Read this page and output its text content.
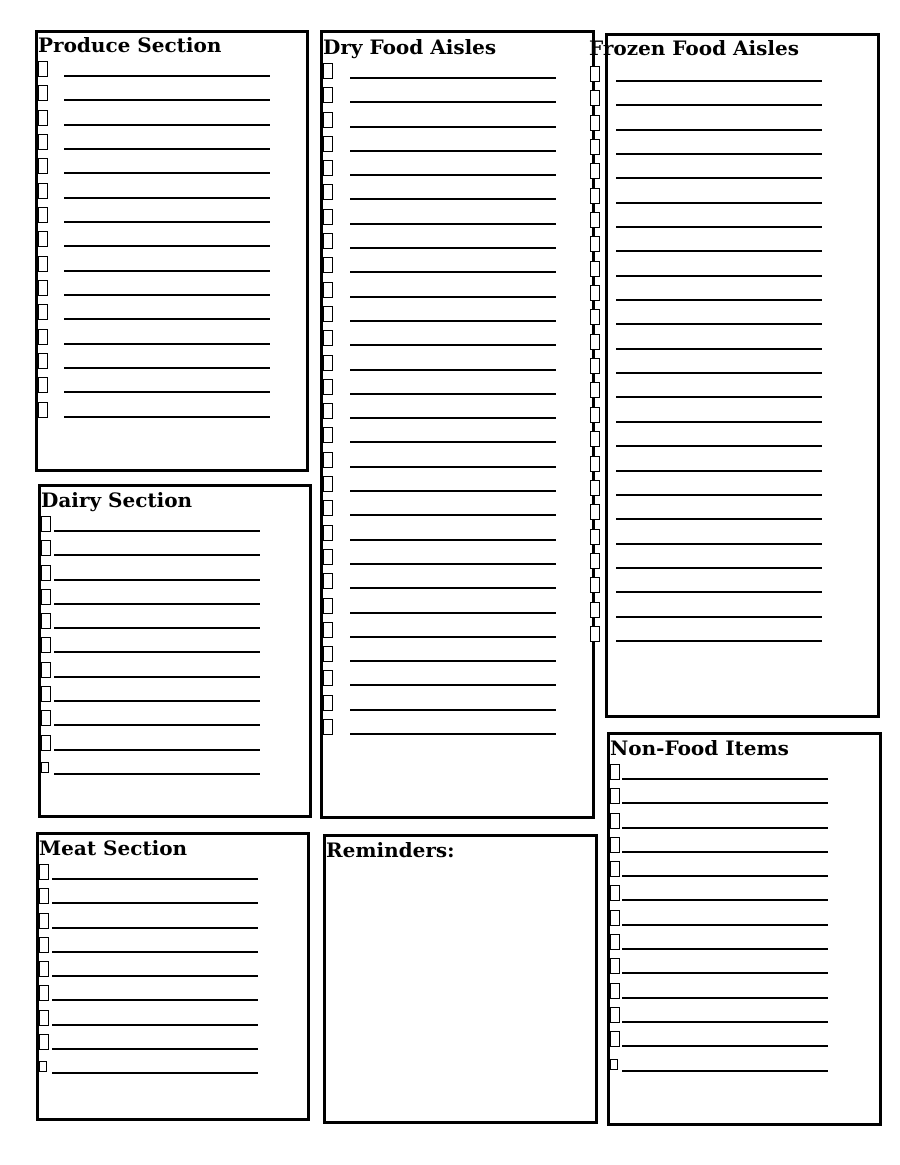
Produce Section
Dairy Section
Meat Section
Dry Food Aisles
Reminders:
Frozen Food Aisles
Non-Food Items
